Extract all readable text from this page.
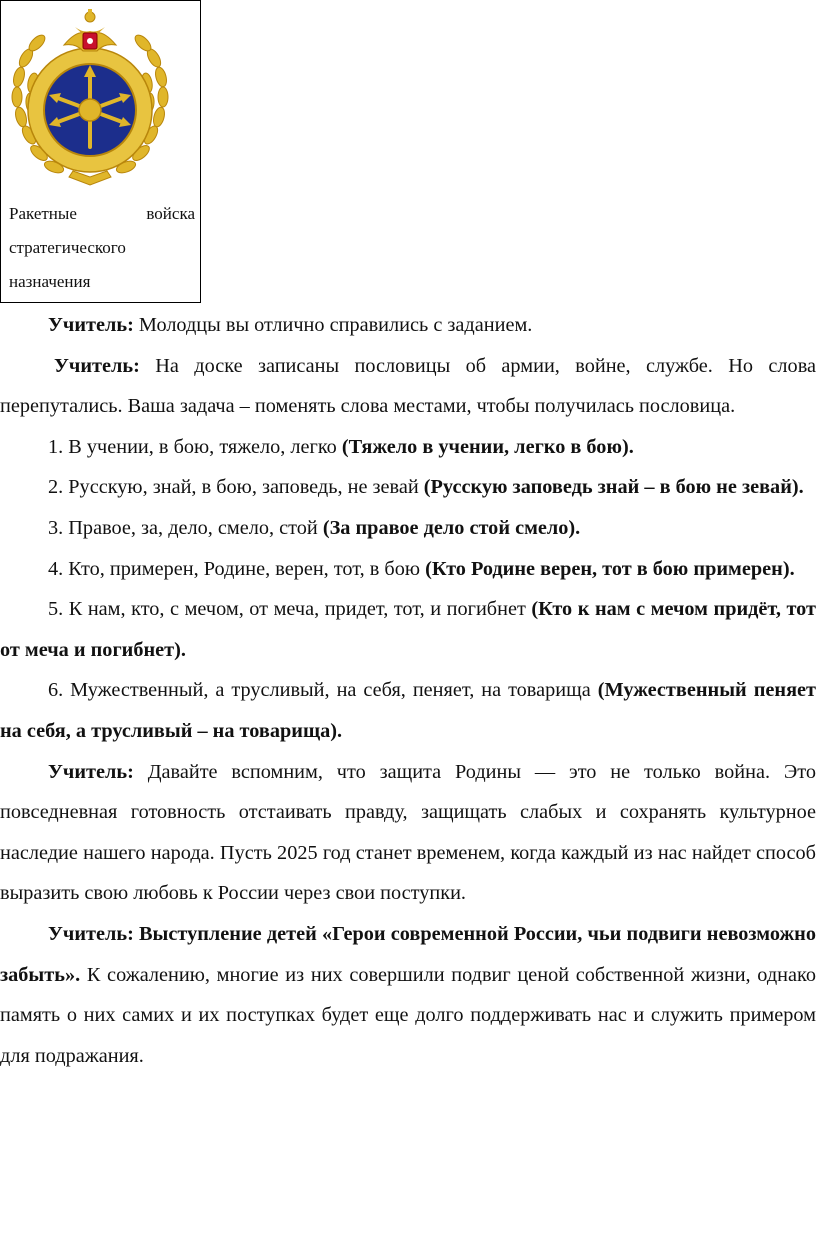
Ракетные	войска
стратегического
назначения

Учитель: Молодцы вы отлично справились с заданием.

Учитель: На доске записаны пословицы об армии, войне, службе. Но слова перепутались. Ваша задача – поменять слова местами, чтобы получилась пословица.

1. В учении, в бою, тяжело, легко (Тяжело в учении, легко в бою).

2. Русскую, знай, в бою, заповедь, не зевай (Русскую заповедь знай – в бою не зевай).

3. Правое, за, дело, смело, стой (За правое дело стой смело).

4. Кто, примерен, Родине, верен, тот, в бою (Кто Родине верен, тот в бою примерен).

5. К нам, кто, с мечом, от меча, придет, тот, и погибнет (Кто к нам с мечом придёт, тот от меча и погибнет).

6. Мужественный, а трусливый, на себя, пеняет, на товарища (Мужественный пеняет на себя, а трусливый – на товарища).

Учитель: Давайте вспомним, что защита Родины — это не только война. Это повседневная готовность отстаивать правду, защищать слабых и сохранять культурное наследие нашего народа. Пусть 2025 год станет временем, когда каждый из нас найдет способ выразить свою любовь к России через свои поступки.

Учитель: Выступление детей «Герои современной России, чьи подвиги невозможно забыть». К сожалению, многие из них совершили подвиг ценой собственной жизни, однако память о них самих и их поступках будет еще долго поддерживать нас и служить примером для подражания.
